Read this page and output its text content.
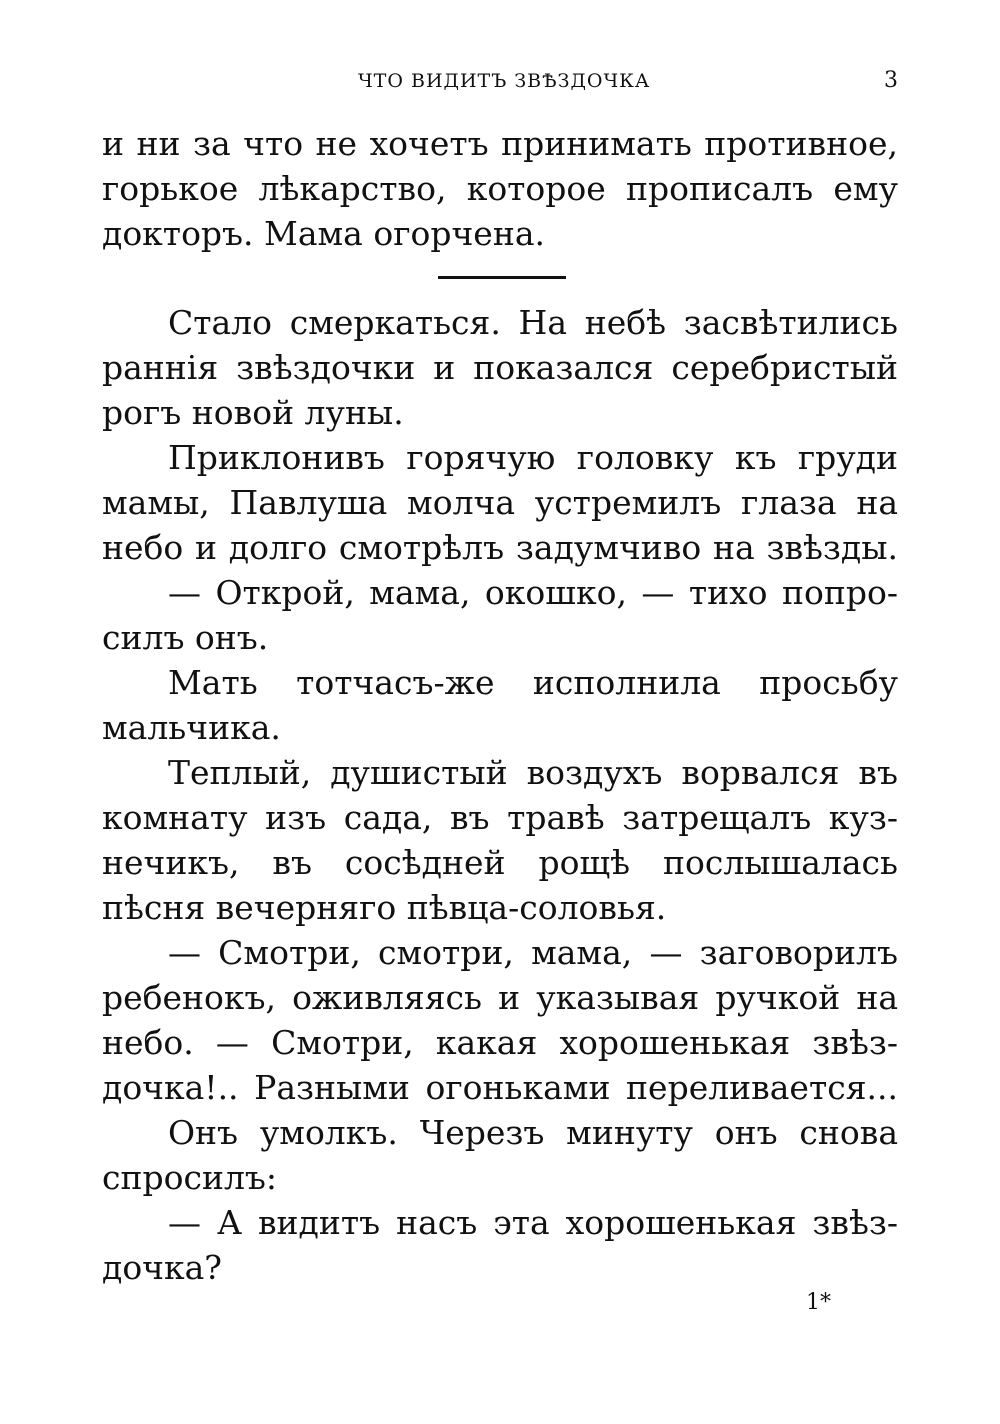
ЧТО ВИДИТЪ ЗВѢЗДОЧКА	3
и ни за что не хочетъ принимать противное,
горькое лѣкарство, которое прописалъ ему
докторъ. Мама огорчена.
Стало смеркаться. На небѣ засвѣтились
раннія звѣздочки и показался серебристый
рогъ новой луны.
Приклонивъ горячую головку къ груди
мамы, Павлуша молча устремилъ глаза на
небо и долго смотрѣлъ задумчиво на звѣзды.
— Открой, мама, окошко, — тихо попро-
силъ онъ.
Мать тотчасъ-же исполнила просьбу
мальчика.
Теплый, душистый воздухъ ворвался въ
комнату изъ сада, въ травѣ затрещалъ куз-
нечикъ, въ сосѣдней рощѣ послышалась
пѣсня вечерняго пѣвца-соловья.
— Смотри, смотри, мама, — заговорилъ
ребенокъ, оживляясь и указывая ручкой на
небо. — Смотри, какая хорошенькая звѣз-
дочка!.. Разными огоньками переливается...
Онъ умолкъ. Черезъ минуту онъ снова
спросилъ:
— А видитъ насъ эта хорошенькая звѣз-
дочка?
1*
